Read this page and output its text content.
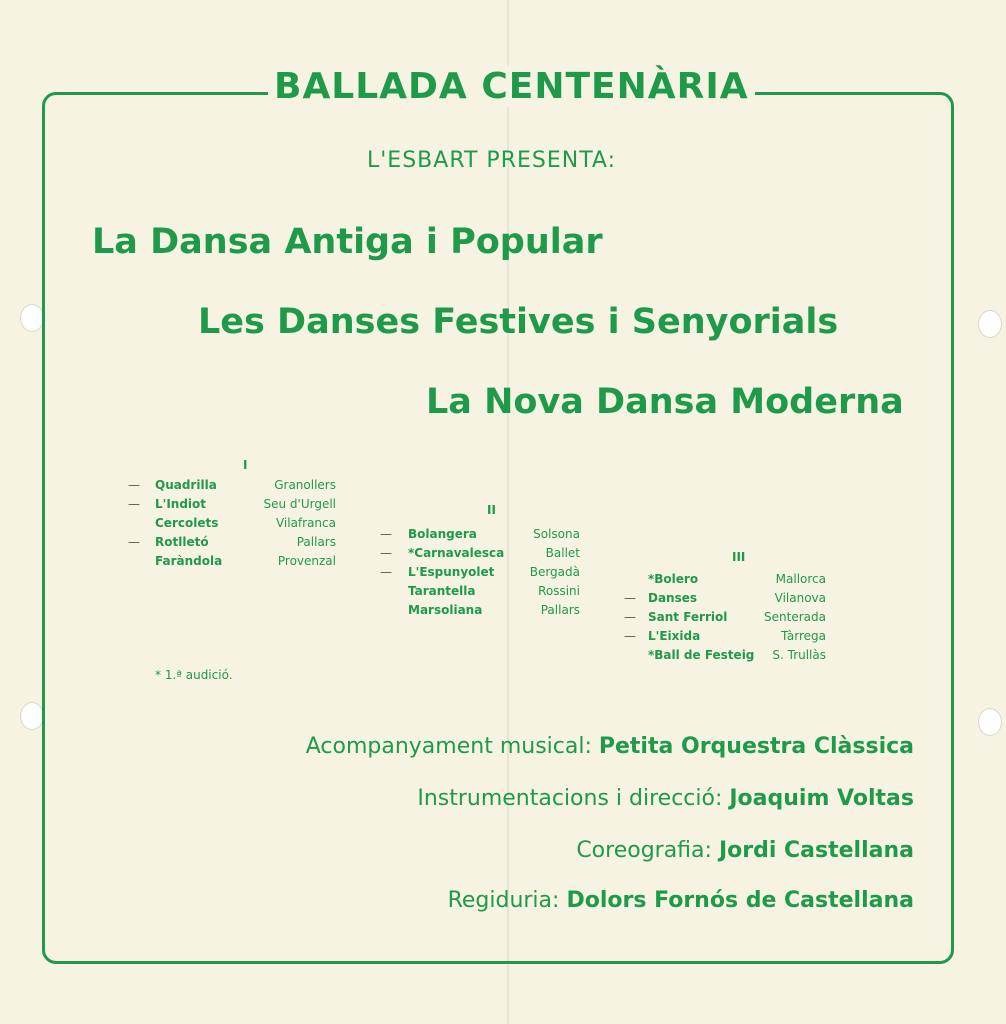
BALLADA CENTENÀRIA
L'ESBART PRESENTA:
La Dansa Antiga i Popular
Les Danses Festives i Senyorials
La Nova Dansa Moderna
I
—
—
—
Quadrilla
L'Indiot
Cercolets
Rotlletó
Faràndola
Granollers
Seu d'Urgell
Vilafranca
Pallars
Provenzal
II
—
—
—
Bolangera
*Carnavalesca
L'Espunyolet
Tarantella
Marsoliana
Solsona
Ballet
Bergadà
Rossini
Pallars
III
—
—
—
*Bolero
Danses
Sant Ferriol
L'Eixida
*Ball de Festeig
Mallorca
Vilanova
Senterada
Tàrrega
S. Trullàs
* 1.ª audició.
Acompanyament musical: Petita Orquestra Clàssica
Instrumentacions i direcció: Joaquim Voltas
Coreografia: Jordi Castellana
Regiduria: Dolors Fornós de Castellana
